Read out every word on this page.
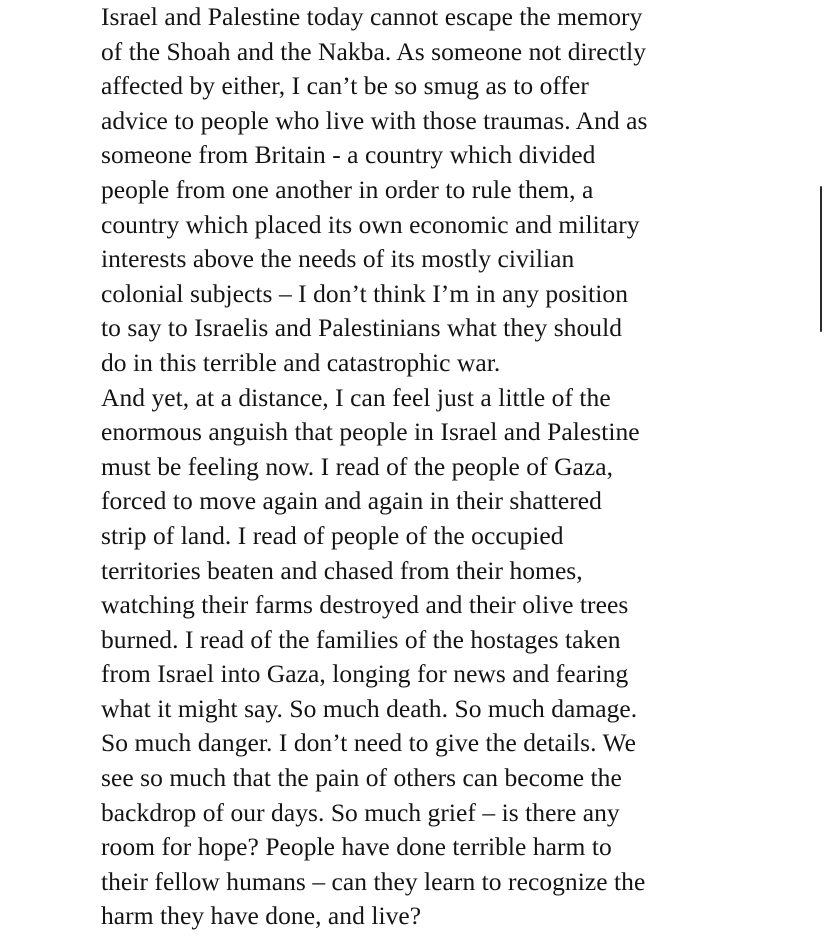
Israel and Palestine today cannot escape the memory
of the Shoah and the Nakba. As someone not directly
affected by either, I can’t be so smug as to offer
advice to people who live with those traumas. And as
someone from Britain - a country which divided
people from one another in order to rule them, a
country which placed its own economic and military
interests above the needs of its mostly civilian
colonial subjects – I don’t think I’m in any position
to say to Israelis and Palestinians what they should
do in this terrible and catastrophic war.
And yet, at a distance, I can feel just a little of the
enormous anguish that people in Israel and Palestine
must be feeling now. I read of the people of Gaza,
forced to move again and again in their shattered
strip of land. I read of people of the occupied
territories beaten and chased from their homes,
watching their farms destroyed and their olive trees
burned. I read of the families of the hostages taken
from Israel into Gaza, longing for news and fearing
what it might say. So much death. So much damage.
So much danger. I don’t need to give the details. We
see so much that the pain of others can become the
backdrop of our days. So much grief – is there any
room for hope? People have done terrible harm to
their fellow humans – can they learn to recognize the
harm they have done, and live?
